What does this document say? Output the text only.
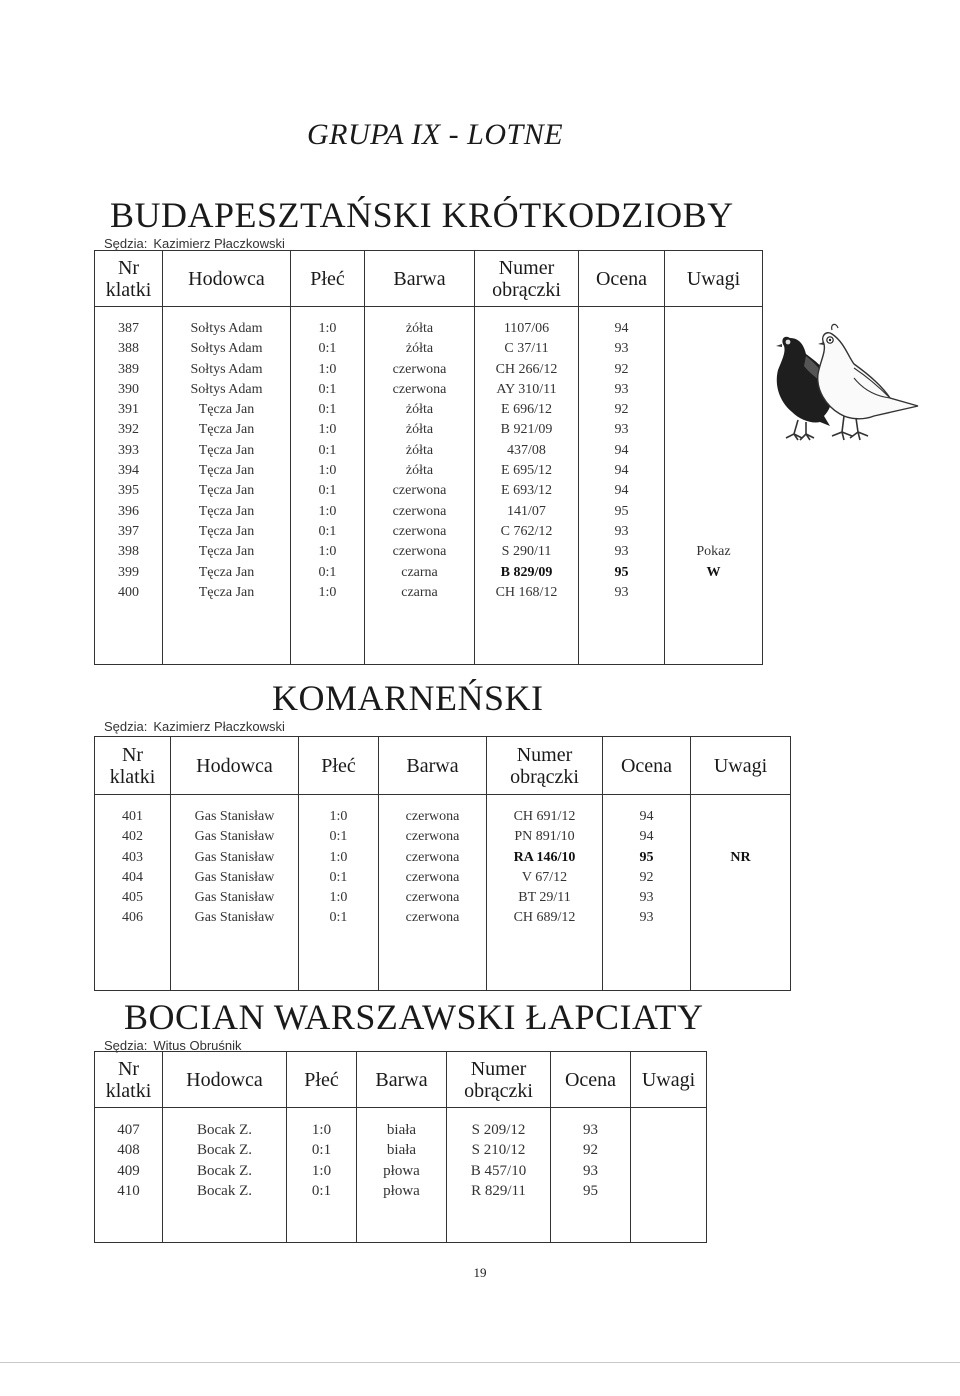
GRUPA IX - LOTNE
BUDAPESZTAŃSKI KRÓTKODZIOBY
Sędzia: Kazimierz Płaczkowski
Nr klatki	Hodowca	Płeć	Barwa	Numer obrączki	Ocena	Uwagi

387	Sołtys Adam	1:0	żółta	1107/06	94	
388	Sołtys Adam	0:1	żółta	C 37/11	93	
389	Sołtys Adam	1:0	czerwona	CH 266/12	92	
390	Sołtys Adam	0:1	czerwona	AY 310/11	93	
391	Tęcza Jan	0:1	żółta	E 696/12	92	
392	Tęcza Jan	1:0	żółta	B 921/09	93	
393	Tęcza Jan	0:1	żółta	437/08	94	
394	Tęcza Jan	1:0	żółta	E 695/12	94	
395	Tęcza Jan	0:1	czerwona	E 693/12	94	
396	Tęcza Jan	1:0	czerwona	141/07	95	
397	Tęcza Jan	0:1	czerwona	C 762/12	93	
398	Tęcza Jan	1:0	czerwona	S 290/11	93	Pokaz
399	Tęcza Jan	0:1	czarna	B 829/09	95	W
400	Tęcza Jan	1:0	czarna	CH 168/12	93	

KOMARNEŃSKI
Sędzia: Kazimierz Płaczkowski
Nr klatki	Hodowca	Płeć	Barwa	Numer obrączki	Ocena	Uwagi

401	Gas Stanisław	1:0	czerwona	CH 691/12	94	
402	Gas Stanisław	0:1	czerwona	PN 891/10	94	
403	Gas Stanisław	1:0	czerwona	RA 146/10	95	NR
404	Gas Stanisław	0:1	czerwona	V 67/12	92	
405	Gas Stanisław	1:0	czerwona	BT 29/11	93	
406	Gas Stanisław	0:1	czerwona	CH 689/12	93	

BOCIAN WARSZAWSKI ŁAPCIATY
Sędzia: Witus Obruśnik
Nr klatki	Hodowca	Płeć	Barwa	Numer obrączki	Ocena	Uwagi

407	Bocak Z.	1:0	biała	S 209/12	93	
408	Bocak Z.	0:1	biała	S 210/12	92	
409	Bocak Z.	1:0	płowa	B 457/10	93	
410	Bocak Z.	0:1	płowa	R 829/11	95	

19
